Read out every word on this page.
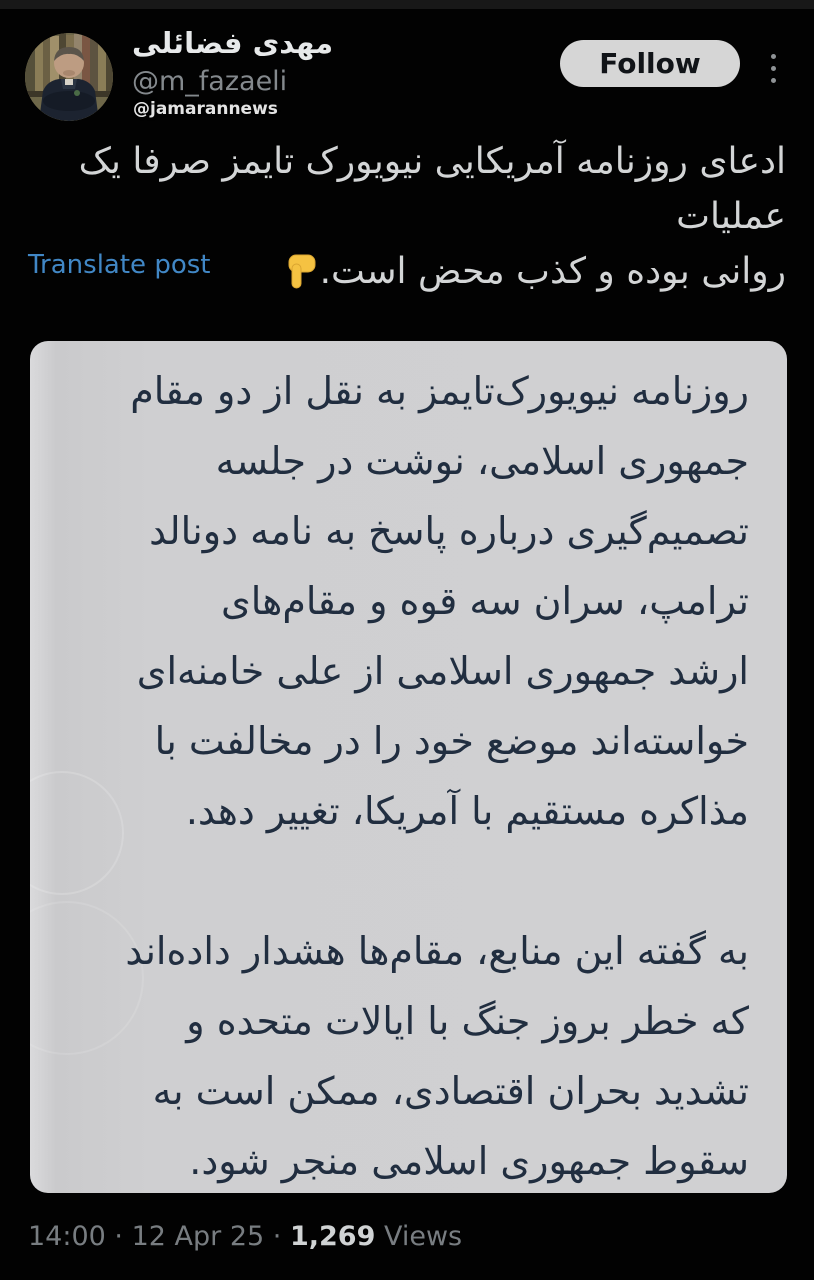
مهدی فضائلی
@m_fazaeli
@jamarannews
Follow
ادعای روزنامه آمریکایی نیویورک تایمز صرفا یک عملیات
روانی بوده و کذب محض است.
Translate post
روزنامه نیویورک‌تایمز به نقل از دو مقام
جمهوری اسلامی، نوشت در جلسه
تصمیم‌گیری درباره پاسخ به نامه دونالد
ترامپ، سران سه قوه و مقام‌های
ارشد جمهوری اسلامی از علی خامنه‌ای
خواسته‌اند موضع خود را در مخالفت با
مذاکره مستقیم با آمریکا، تغییر دهد.
به گفته این منابع، مقام‌ها هشدار داده‌اند
که خطر بروز جنگ با ایالات متحده و
تشدید بحران اقتصادی، ممکن است به
سقوط جمهوری اسلامی منجر شود.
14:00 · 12 Apr 25 · 1,269 Views
